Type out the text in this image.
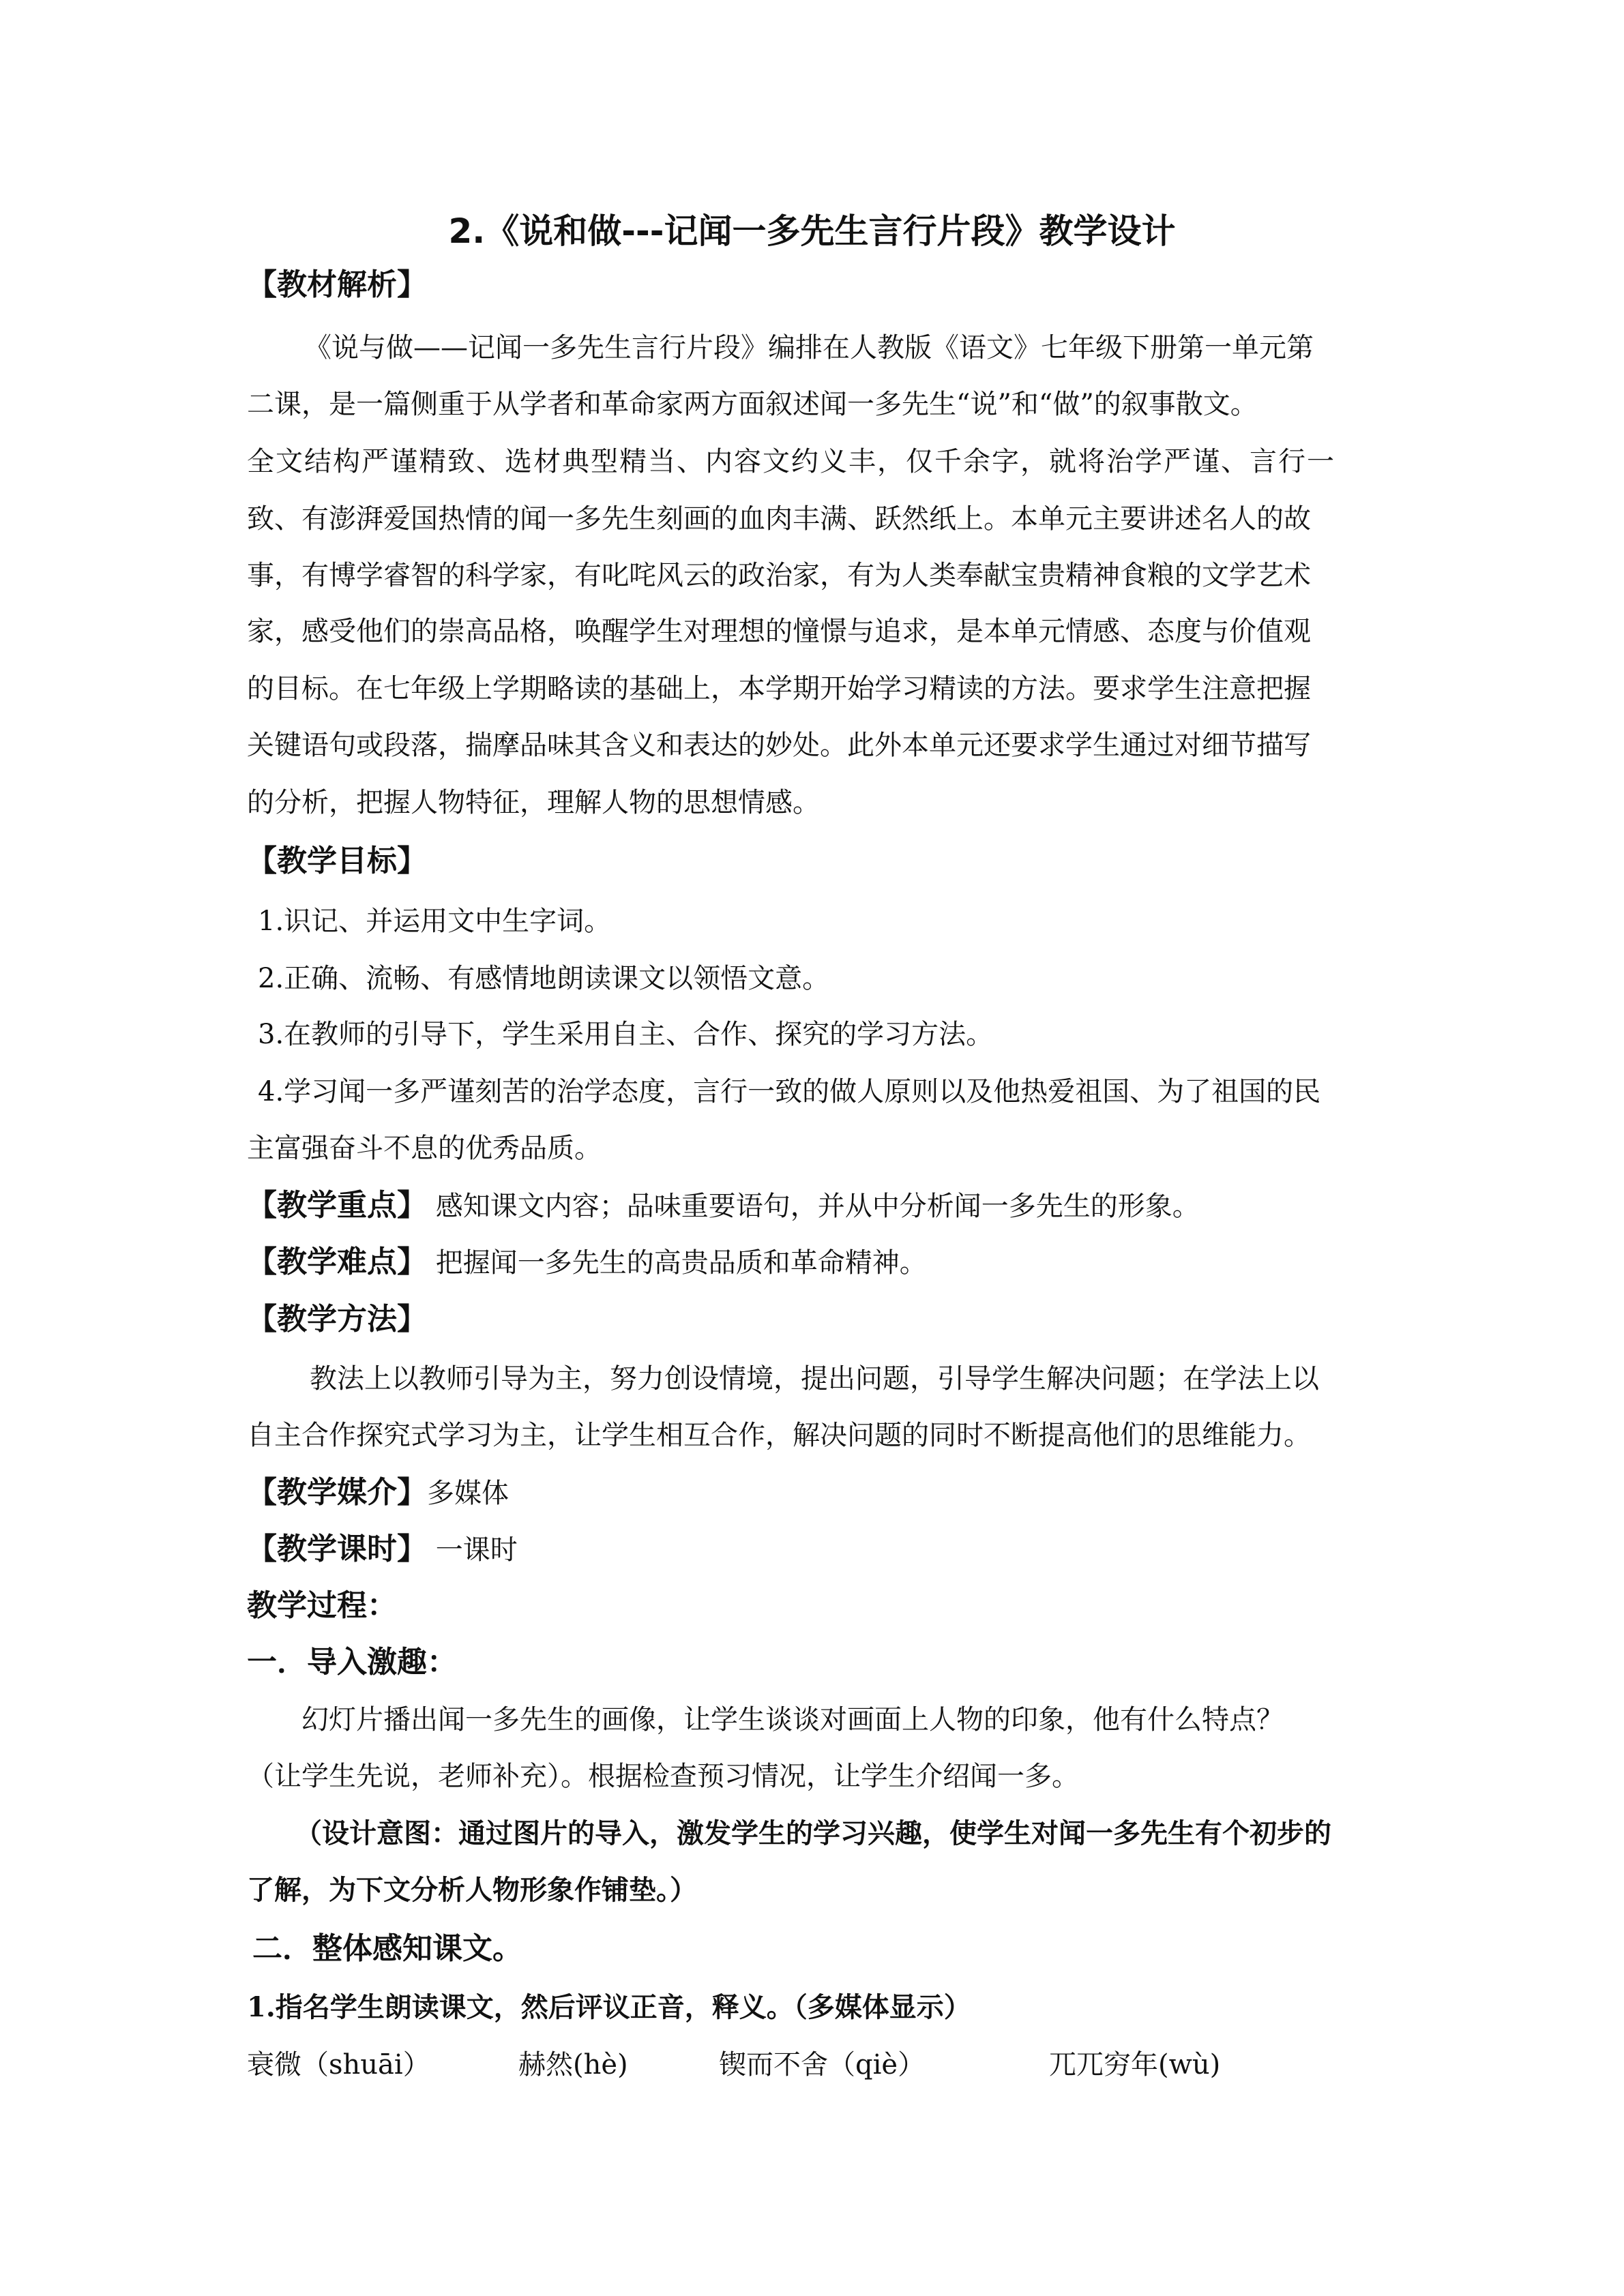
2.《说和做---记闻一多先生言行片段》教学设计
【教材解析】
《说与做——记闻一多先生言行片段》编排在人教版《语文》七年级下册第一单元第
二课，是一篇侧重于从学者和革命家两方面叙述闻一多先生“说”和“做”的叙事散文。
全文结构严谨精致、选材典型精当、内容文约义丰，仅千余字，就将治学严谨、言行一
致、有澎湃爱国热情的闻一多先生刻画的血肉丰满、跃然纸上。本单元主要讲述名人的故
事，有博学睿智的科学家，有叱咤风云的政治家，有为人类奉献宝贵精神食粮的文学艺术
家，感受他们的崇高品格，唤醒学生对理想的憧憬与追求，是本单元情感、态度与价值观
的目标。在七年级上学期略读的基础上，本学期开始学习精读的方法。要求学生注意把握
关键语句或段落，揣摩品味其含义和表达的妙处。此外本单元还要求学生通过对细节描写
的分析，把握人物特征，理解人物的思想情感。
【教学目标】
1.识记、并运用文中生字词。
2.正确、流畅、有感情地朗读课文以领悟文意。
3.在教师的引导下，学生采用自主、合作、探究的学习方法。
4.学习闻一多严谨刻苦的治学态度，言行一致的做人原则以及他热爱祖国、为了祖国的民
主富强奋斗不息的优秀品质。
【教学重点】 感知课文内容；品味重要语句，并从中分析闻一多先生的形象。
【教学难点】 把握闻一多先生的高贵品质和革命精神。
【教学方法】
教法上以教师引导为主，努力创设情境，提出问题，引导学生解决问题；在学法上以
自主合作探究式学习为主，让学生相互合作，解决问题的同时不断提高他们的思维能力。
【教学媒介】多媒体
【教学课时】 一课时
教学过程：
一．导入激趣：
幻灯片播出闻一多先生的画像，让学生谈谈对画面上人物的印象，他有什么特点？
（让学生先说，老师补充）。根据检查预习情况，让学生介绍闻一多。
（设计意图：通过图片的导入，激发学生的学习兴趣，使学生对闻一多先生有个初步的
了解，为下文分析人物形象作铺垫。）
二．整体感知课文。
1.指名学生朗读课文，然后评议正音，释义。（多媒体显示）
衰微（shuāi）	赫然(hè)	锲而不舍（qiè）	兀兀穷年(wù)
